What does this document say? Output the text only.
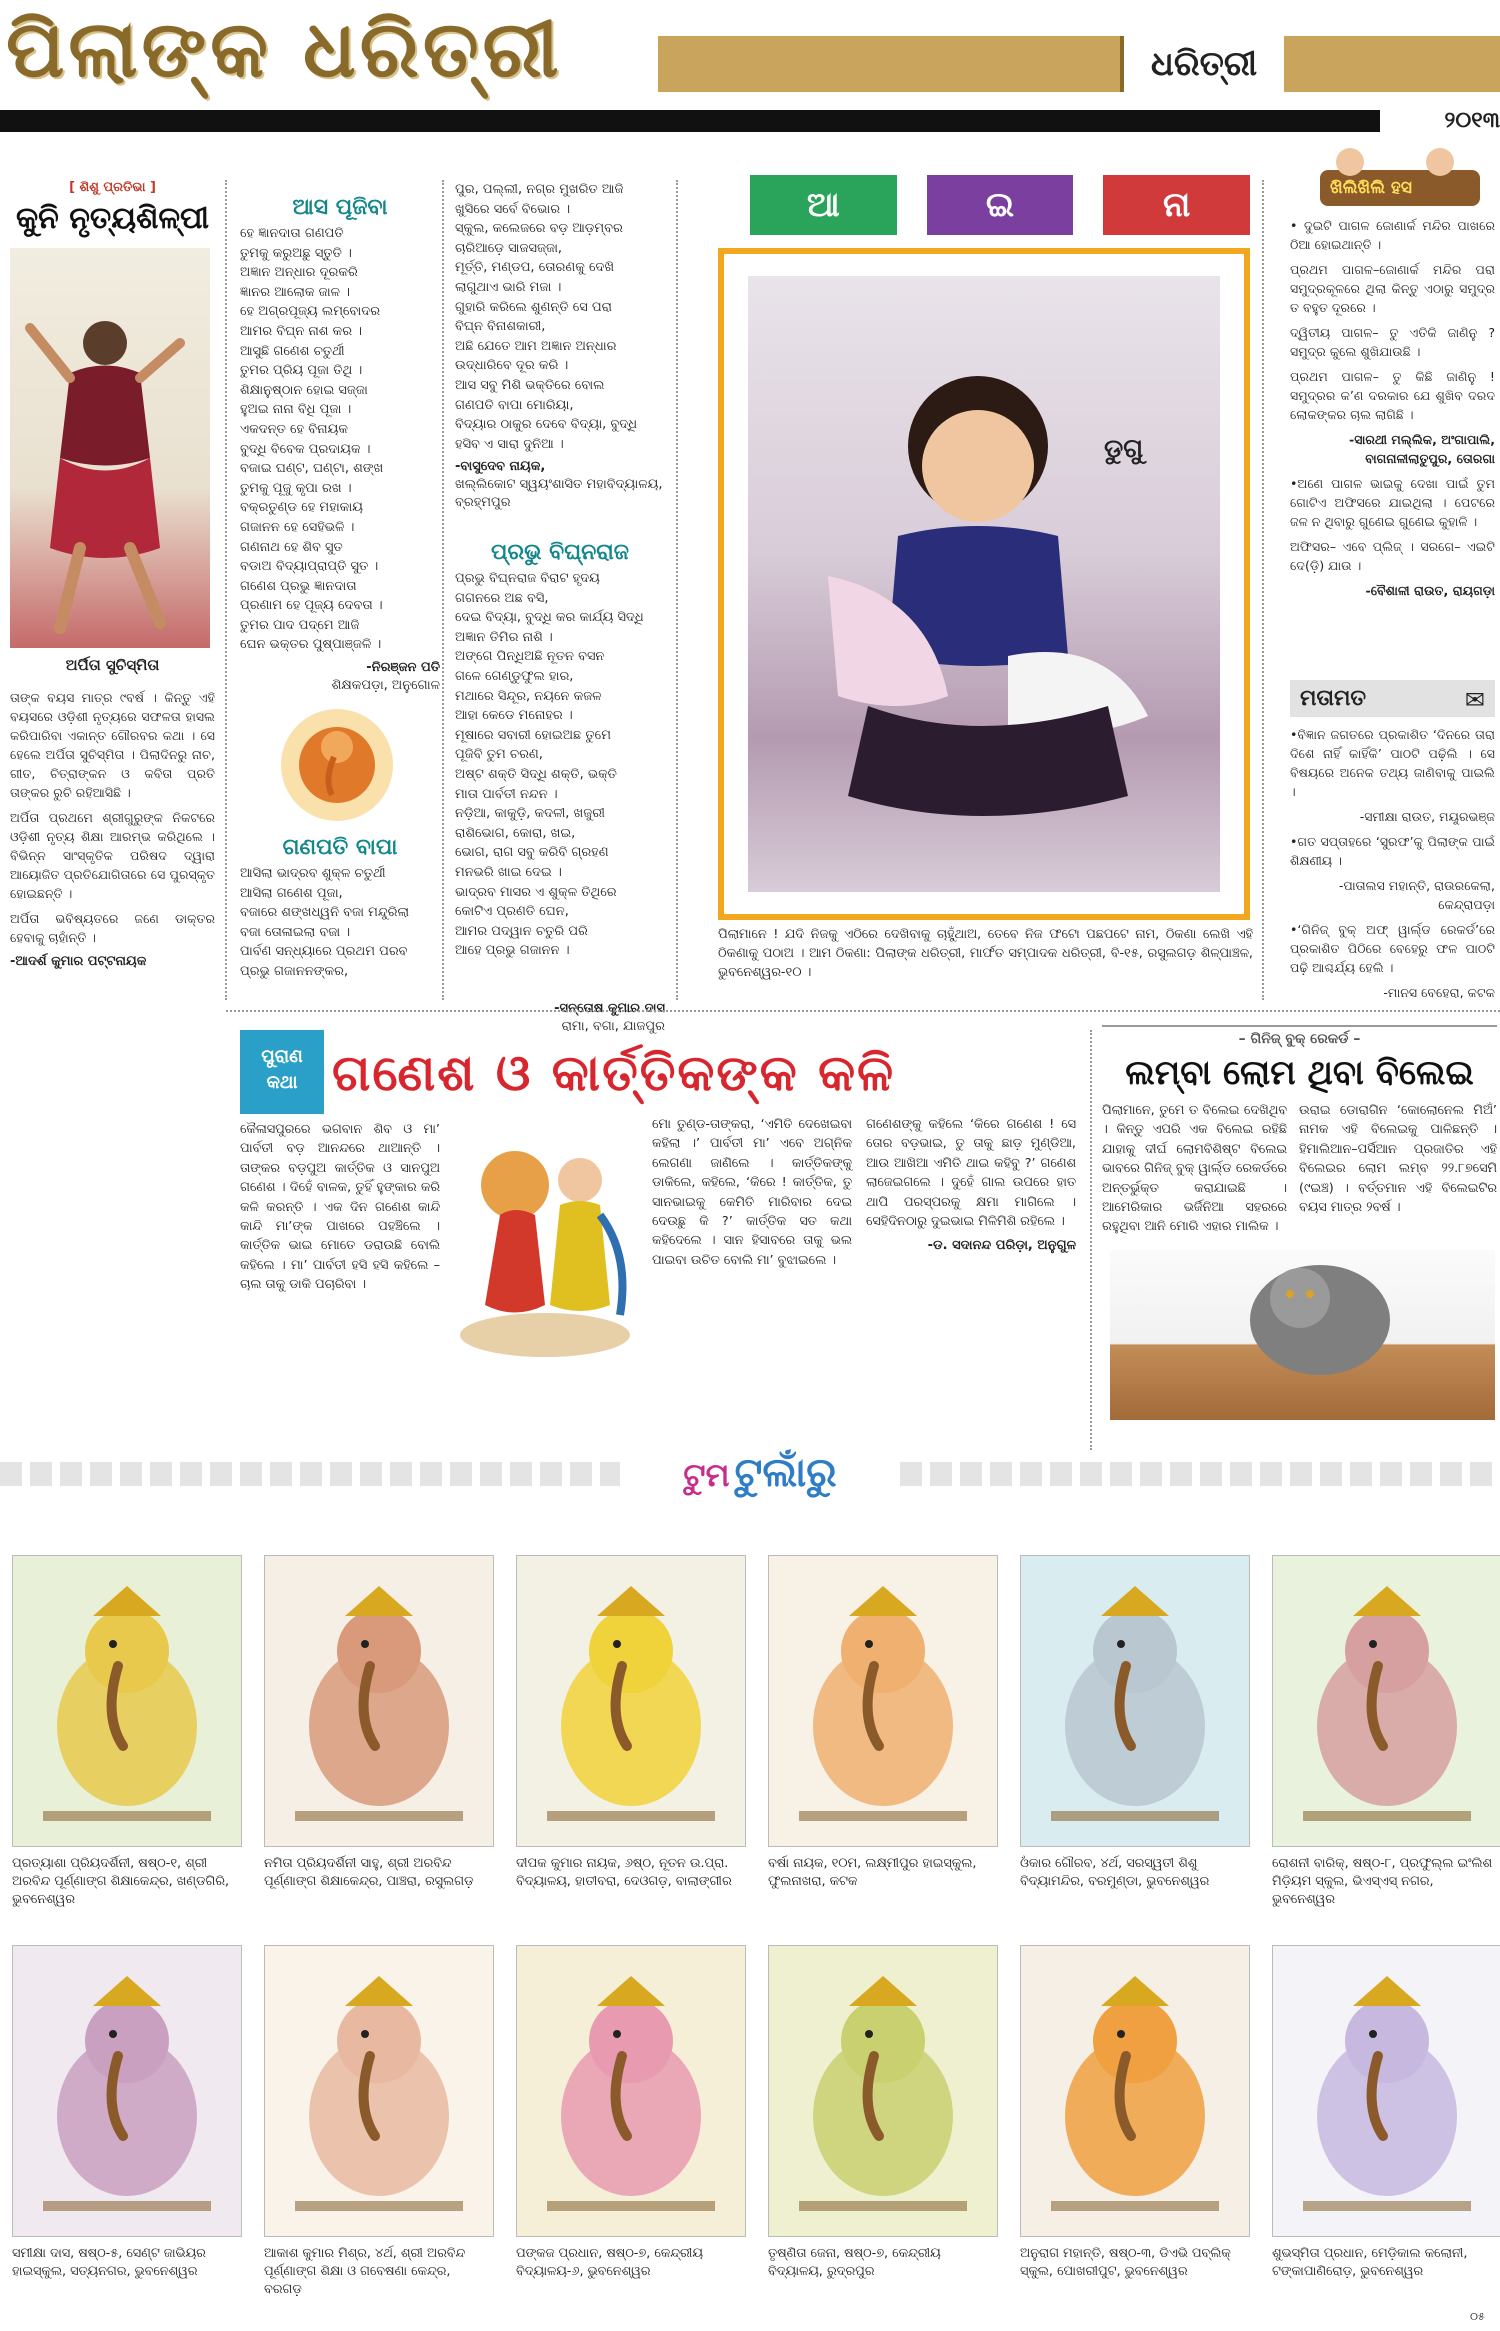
ପିଲାଙ୍କ ଧରିତ୍ରୀ	ଧରିତ୍ରୀ
୨୦୧୩
[ ଶିଶୁ ପ୍ରତିଭା ]
କୁନି ନୃତ୍ୟଶିଳ୍ପୀ
ଅର୍ପିତା ସୁଚିସ୍ମିତା

ତାଙ୍କ ବୟସ ମାତ୍ର ୯ବର୍ଷ । କିନ୍ତୁ ଏହି ବୟସରେ ଓଡ଼ିଶୀ ନୃତ୍ୟରେ ସଫଳତା ହାସଲ କରିପାରିବା ଏକାନ୍ତ ଗୌରବର କଥା । ସେ ହେଲେ ଅର୍ପିତା ସୁଚିସ୍ମିତା । ପିଲାଦିନରୁ ନାଚ, ଗୀତ, ଚିତ୍ରାଙ୍କନ ଓ କବିତା ପ୍ରତି ତାଙ୍କର ରୁଚି ରହିଆସିଛି ।

ଅର୍ପିତା ପ୍ରଥମେ ଶ୍ରୀଗୁରୁଙ୍କ ନିକଟରେ ଓଡ଼ିଶୀ ନୃତ୍ୟ ଶିକ୍ଷା ଆରମ୍ଭ କରିଥିଲେ । ବିଭିନ୍ନ ସାଂସ୍କୃତିକ ପରିଷଦ ଦ୍ୱାରା ଆୟୋଜିତ ପ୍ରତିଯୋଗିତାରେ ସେ ପୁରସ୍କୃତ ହୋଇଛନ୍ତି ।

ଅର୍ପିତା ଭବିଷ୍ୟତରେ ଜଣେ ଡାକ୍ତର ହେବାକୁ ଚାହାଁନ୍ତି ।

-ଆଦର୍ଶ କୁମାର ପଟ୍ଟନାୟକ
ଆସ ପୂଜିବା
ହେ ଜ୍ଞାନଦାତା ଗଣପତି
ତୁମକୁ କରୁଅଛୁ ସ୍ତୁତି ।
ଅଜ୍ଞାନ ଅନ୍ଧାର ଦୂରକରି
ଜ୍ଞାନର ଆଲୋକ ଜାଳ ।
ହେ ଅଗ୍ରପୂଜ୍ୟ ଲମ୍ବୋଦର
ଆମର ବିଘ୍ନ ନାଶ କର ।
ଆସୁଛି ଗଣେଶ ଚତୁର୍ଥୀ
ତୁମର ପ୍ରିୟ ପୂଜା ତିଥି ।
ଶିକ୍ଷାନୁଷ୍ଠାନ ହୋଇ ସଜ୍ଜା
ହୁଅଇ ନାନା ବିଧି ପୂଜା ।
ଏକଦନ୍ତ ହେ ବିନାୟକ
ବୁଦ୍ଧି ବିବେକ ପ୍ରଦାୟକ ।
ବଜାଇ ଘଣ୍ଟ, ଘଣ୍ଟା, ଶଙ୍ଖ
ତୁମକୁ ପୂଜୁ କୃପା ରଖ ।
ବକ୍ରତୁଣ୍ଡ ହେ ମହାକାୟ
ଗଜାନନ ହେ ସେହିଭଳି ।
ଗଣନାଥ ହେ ଶିବ ସୁତ
ବଡାଅ ବିଦ୍ୟାପ୍ରାପ୍ତି ସୁତ ।
ଗଣେଶ ପ୍ରଭୁ ଜ୍ଞାନଦାତା
ପ୍ରଣାମ ହେ ପୂଜ୍ୟ ଦେବତା ।
ତୁମର ପାଦ ପଦ୍ମେ ଆଜି
ଘେନ ଭକ୍ତର ପୁଷ୍ପାଞ୍ଜଳି ।
-ନିରଞ୍ଜନ ପତି
ଶିକ୍ଷକପଡ଼ା, ଅନୁଗୋଳ
ଗଣପତି ବାପା
ଆସିଲା ଭାଦ୍ରବ ଶୁକ୍ଳ ଚତୁର୍ଥୀ
ଆସିଲା ଗଣେଶ ପୂଜା,
ବଜାରେ ଶଙ୍ଖଧ୍ୱନି ବଜା ମନ୍ଦୁରିଲା
ବଜା ତୋଳାଇଲା ବଜା ।
ପାର୍ବଣ ସନ୍ଧ୍ୟାରେ ପ୍ରଥମ ପରବ
ପ୍ରଭୁ ଗଜାନନଙ୍କର,
ପୁର, ପଲ୍ଲୀ, ନଗ୍ର ମୁଖରିତ ଆଜି
ଖୁସିରେ ସର୍ବେ ବିଭୋର ।
ସ୍କୁଲ, କଲେଜରେ ବଡ଼ ଆଡ଼ମ୍ବର
ଚାରିଆଡ଼େ ସାଜସଜ୍ଜା,
ମୂର୍ତ୍ତି, ମଣ୍ଡପ, ତୋରଣକୁ ଦେଖି
ଲାଗୁଥାଏ ଭାରି ମଜା ।
ଗୁହାରି କରିଲେ ଶୁଣନ୍ତି ସେ ପରା
ବିଘ୍ନ ବିନାଶକାରୀ,
ଅଛି ଯେତେ ଆମ ଅଜ୍ଞାନ ଅନ୍ଧାର
ଉଦ୍ଧାରିବେ ଦୂର କରି ।
ଆସ ସବୁ ମିଶି ଭକ୍ତିରେ ବୋଲ
ଗଣପତି ବାପା ମୋରିୟା,
ବିଦ୍ୟାର ଠାକୁର ଦେବେ ବିଦ୍ୟା, ବୁଦ୍ଧି
ହସିବ ଏ ସାରା ଦୁନିଆ ।
-ବାସୁଦେବ ନାୟକ,
ଖଲ୍ଲିକୋଟ ସ୍ୱୟଂଶାସିତ ମହାବିଦ୍ୟାଳୟ, ବ୍ରହ୍ମପୁର
ପ୍ରଭୁ ବିଘ୍ନରାଜ
ପ୍ରଭୁ ବିଘ୍ନରାଜ ବିରାଟ ହୃଦୟ
ଗଗନରେ ଅଛ ବସି,
ଦେଇ ବିଦ୍ୟା, ବୁଦ୍ଧି କର କାର୍ଯ୍ୟ ସିଦ୍ଧି
ଅଜ୍ଞାନ ତିମିର ନାଶି ।
ଅଙ୍ଗେ ପିନ୍ଧିଅଛି ନୂତନ ବସନ
ଗଳେ ଗେଣ୍ଡୁଫୁଲ ହାର,
ମଥାରେ ସିନ୍ଦୂର, ନୟନେ କଜଳ
ଆହା କେଡେ ମନୋହର ।
ମୂଷାରେ ସବାରୀ ହୋଇଅଛ ତୁମେ
ପୂଜିବି ତୁମ ଚରଣ,
ଅଷ୍ଟ ଶକ୍ତି ସିଦ୍ଧି ଶକ୍ତି, ଭକ୍ତି
ମାତା ପାର୍ବତୀ ନନ୍ଦନ ।
ନଡ଼ିଆ, କାକୁଡ଼ି, କଦଳୀ, ଖଜୁରୀ
ରାଶିଭୋଗ, କୋରା, ଖଇ,
ଭୋଗ, ରାଗ ସବୁ କରିବି ଗ୍ରହଣ
ମନଭରି ଖାଇ ଦେଇ ।
ଭାଦ୍ରବ ମାସର ଏ ଶୁକ୍ଳ ତିଥିରେ
କୋଟିଏ ପ୍ରଣତି ଘେନ,
ଆମର ପଦ୍ୱାନ ଚତୁରି ପରି
ଆହେ ପ୍ରଭୁ ଗଜାନନ ।
-ସନ୍ତୋଷ କୁମାର ଦାସ
ରାମା, ବଗା, ଯାଜପୁର
ଆ	ଇ	ନା
ଡୁଗୁ
ପିଲାମାନେ ! ଯଦି ନିଜକୁ ଏଠିରେ ଦେଖିବାକୁ ଚାହୁଁଥାଅ, ତେବେ ନିଜ ଫଟୋ ପଛପଟେ ନାମ, ଠିକଣା ଲେଖି ଏହି ଠିକଣାକୁ ପଠାଅ । ଆମ ଠିକଣା: ପିଲାଙ୍କ ଧରିତ୍ରୀ, ମାର୍ଫତ ସମ୍ପାଦକ ଧରିତ୍ରୀ, ବି-୧୫, ରସୁଲଗଡ଼ ଶିଳ୍ପାଞ୍ଚଳ, ଭୁବନେଶ୍ୱର-୧୦ ।
ଖିଲିଖିଲି ହସ

• ଦୁଇଟି ପାଗଳ ଜୋଣାର୍କ ମନ୍ଦିର ପାଖରେ ଠିଆ ହୋଇଥାନ୍ତି ।

ପ୍ରଥମ ପାଗଳ–ଜୋଣାର୍କ ମନ୍ଦିର ପରା ସମୁଦ୍ରକୂଳରେ ଥିଲା କିନ୍ତୁ ଏଠାରୁ ସମୁଦ୍ର ତ ବହୁତ ଦୂରରେ ।

ଦ୍ୱିତୀୟ ପାଗଳ– ତୁ ଏତିକି ଜାଣିନୁ ? ସମୁଦ୍ର କୁଲେ ଶୁଖିଯାଉଛି ।

ପ୍ରଥମ ପାଗଳ– ତୁ କିଛି ଜାଣିନୁ ! ସମୁଦ୍ରର କ’ଣ ଦରକାର ଯେ ଶୁଖିବ ଦରଦ ଲୋକଙ୍କର ଚାଲ ଲାଗିଛି ।

-ସାରଥୀ ମଲ୍ଲିକ, ଅଂଗାପାଲି, ବାଗନାଳୀଲାତୁପୁର, ତୋରଗା

•ଅଣେ ପାଗଳ ଭାଇକୁ ଦେଖା ପାଇଁ ତୁମ ଗୋଟିଏ ଅଫିସରେ ଯାଇଥିଲା । ପେଟରେ ଜଳ ନ ଥିବାରୁ ଗୁଣେଇ ଗୁଣେଇ କୁହାଳି ।

ଅଫିସର– ଏବେ ପ୍ଲିଜ୍ । ସରଗେ– ଏଇଟି ଦେ(ଡ଼ି) ଯାଉ ।

-ବୈଶାଳୀ ରାଉତ, ରାୟଗଡ଼ା

ମତାମତ	✉

•ବିଜ୍ଞାନ ଜଗତରେ ପ୍ରକାଶିତ ‘ଦିନରେ ତାରା ଦିଶେ ନାହିଁ କାହିଁକି’ ପାଠଟି ପଢ଼ିଲି । ସେ ବିଷୟରେ ଅନେକ ତଥ୍ୟ ଜାଣିବାକୁ ପାଇଲି ।

-ସମୀକ୍ଷା ରାଉତ, ମୟୂରଭଞ୍ଜ

•ଗତ ସପ୍ତାହରେ ‘ସୁରଫ’କୁ ପିଲାଙ୍କ ପାଇଁ ଶିକ୍ଷଣୀୟ ।

-ପାତାଲସ ମହାନ୍ତି, ରାଉରକେଲା, କେନ୍ଦ୍ରାପଡ଼ା

•‘ଗିନିଜ୍ ବୁକ୍ ଅଫ୍ ୱାର୍ଲ୍ଡ ରେକର୍ଡ’ରେ ପ୍ରକାଶିତ ପିଠିରେ ବେହେରୁ ଫଳ ପାଠଟି ପଢ଼ି ଆଶ୍ଚର୍ଯ୍ୟ ହେଲି ।

-ମାନସ ବେହେରା, କଟକ

ପୁରାଣ
କଥା ଗଣେଶ ଓ କାର୍ତ୍ତିକଙ୍କ କଳି

କୈଳାସପୁରରେ ଭଗବାନ ଶିବ ଓ ମା’ ପାର୍ବତୀ ବଡ଼ ଆନନ୍ଦରେ ଥାଆନ୍ତି । ତାଙ୍କର ବଡ଼ପୁଅ କାର୍ତ୍ତିକ ଓ ସାନପୁଅ ଗଣେଶ । ଦିହେଁ ବାଳକ, ତୁହିଁ ହୁଙ୍କାର କରି କଳି କରନ୍ତି । ଏକ ଦିନ ଗଣେଶ କାନ୍ଦି କାନ୍ଦି ମା’ଙ୍କ ପାଖରେ ପହଞ୍ଚିଲେ । କାର୍ତ୍ତିକ ଭାଇ ମୋତେ ଡରାଉଛି ବୋଲି କହିଲେ । ମା’ ପାର୍ବତୀ ହସି ହସି କହିଲେ – ଚାଲ ତାକୁ ଡାକି ପଚାରିବା ।

ମୋ ତୁଣ୍ଡ-ତାଙ୍କରା, ‘ଏମିତି ଦେଖେଇବା କହିଲା ।’ ପାର୍ବତୀ ମା’ ଏବେ ଅଗ୍ନିକ ଲେଗଣା ଜାଣିଲେ । କାର୍ତ୍ତିକଙ୍କୁ ଡାକିଲେ, କହିଲେ, ‘କିରେ ! କାର୍ତ୍ତିକ, ତୁ ସାନଭାଇକୁ କେମିତି ମାରିବାର ଦେଇ ଦେଉଛୁ କି ?’ କାର୍ତ୍ତିକ ସତ କଥା କହିଦେଲେ । ସାନ ହିସାବରେ ତାକୁ ଭଲ ପାଇବା ଉଚିତ ବୋଲି ମା’ ବୁଝାଇଲେ ।

ଗଣେଶଙ୍କୁ କହିଲେ ‘କିରେ ଗଣେଶ ! ସେ ତୋର ବଡ଼ଭାଇ, ତୁ ତାକୁ ଛାଡ଼ ମୁଣ୍ଡିଆ, ଆଉ ଆଖିଆ ଏମିତି ଥାଇ କହିବୁ ?’ ଗଣେଶ ଲାଜେଇଗଲେ । ଦୁହେଁ ଗାଲ ଉପରେ ହାତ ଥାପି ପରସ୍ପରକୁ କ୍ଷମା ମାଗିଲେ । ସେହିଦିନଠାରୁ ଦୁଇଭାଇ ମିଳିମିଶି ରହିଲେ ।

-ଡ. ସଦାନନ୍ଦ ପରିଡ଼ା, ଅନୁଗୁଳ
– ଗିନିଜ୍ ବୁକ୍ ରେକର୍ଡ –
ଲମ୍ବା ଲୋମ ଥିବା ବିଲେଇ
ପିଲାମାନେ, ତୁମେ ତ ବିଲେଇ ଦେଖିଥିବ । କିନ୍ତୁ ଏପରି ଏକ ବିଲେଇ ରହିଛି ଯାହାକୁ ଦୀର୍ଘ ଲୋମବିଶିଷ୍ଟ ବିଲେଇ ଭାବରେ ଗିନିଜ୍ ବୁକ୍ ୱାର୍ଲ୍ଡ ରେକର୍ଡରେ ଅନ୍ତର୍ଭୁକ୍ତ କରାଯାଇଛି । ଆମେରିକାର ଭର୍ଜିନିଆ ସହରରେ ରହୁଥିବା ଆନି ମୋରି ଏହାର ମାଲିକ ।
ଉରାଇ ଡୋରାଗିନ ‘କୋଲୋନେଲ ମିଅଁ’ ନାମକ ଏହି ବିଲେଇକୁ ପାଳିଛନ୍ତି । ହିମାଲିଆନ–ପର୍ସିଆନ ପ୍ରଜାତିର ଏହି ବିଲେଇର ଲୋମ ଲମ୍ବ ୨୨.୮୭ସେମି (୯ଇଞ୍ଚ) । ବର୍ତ୍ତମାନ ଏହି ବିଲେଇଟିର ବୟସ ମାତ୍ର ୨ବର୍ଷ ।
ଟୁମ ଟୁଲାଁରୁ
ପ୍ରତ୍ୟାଶା ପ୍ରିୟଦର୍ଶିନୀ, ଷଷ୍ଠ-୧, ଶ୍ରୀ ଅରବିନ୍ଦ ପୂର୍ଣ୍ଣାଙ୍ଗ ଶିକ୍ଷାକେନ୍ଦ୍ର, ଖଣ୍ଡଗିରି, ଭୁବନେଶ୍ୱର
ନମିତା ପ୍ରିୟଦର୍ଶିନୀ ସାହୁ, ଶ୍ରୀ ଅରବିନ୍ଦ ପୂର୍ଣ୍ଣାଙ୍ଗ ଶିକ୍ଷାକେନ୍ଦ୍ର, ପାଞ୍ଚରା, ରସୁଲଗଡ଼
ଦୀପକ କୁମାର ନାୟକ, ୬ଷ୍ଠ, ନୂତନ ଉ.ପ୍ରା. ବିଦ୍ୟାଳୟ, ହାତୀବରା, ଦେଓଗଡ଼, ବାଲାଙ୍ଗୀର
ବର୍ଷା ନାୟକ, ୧୦ମ, ଲକ୍ଷ୍ମୀପୁର ହାଇସ୍କୁଲ, ଫୁଲନାଖରା, କଟକ
ଓଁକାର ଗୌରବ, ୪ର୍ଥ, ସରସ୍ୱତୀ ଶିଶୁ ବିଦ୍ୟାମନ୍ଦିର, ବରମୁଣ୍ଡା, ଭୁବନେଶ୍ୱର
ରୋଶନୀ ବାରିକ୍, ଷଷ୍ଠ-୮, ପ୍ରଫୁଲ୍ଲ ଇଂଲିଶ ମିଡ଼ିୟମ ସ୍କୁଲ, ଭିଏସ୍‌ଏସ୍ ନଗର, ଭୁବନେଶ୍ୱର
ସମୀକ୍ଷା ଦାସ, ଷଷ୍ଠ-୫, ସେଣ୍ଟ ଜାଭିୟର ହାଇସ୍କୁଲ, ସତ୍ୟନଗର, ଭୁବନେଶ୍ୱର
ଆକାଶ କୁମାର ମିଶ୍ର, ୪ର୍ଥ, ଶ୍ରୀ ଅରବିନ୍ଦ ପୂର୍ଣ୍ଣାଙ୍ଗ ଶିକ୍ଷା ଓ ଗବେଷଣା କେନ୍ଦ୍ର, ବରଗଡ଼
ପଙ୍କଜ ପ୍ରଧାନ, ଷଷ୍ଠ-୭, କେନ୍ଦ୍ରୀୟ ବିଦ୍ୟାଳୟ-୬, ଭୁବନେଶ୍ୱର
ତୃଷ୍ଣିତା ଜେନା, ଷଷ୍ଠ-୭, କେନ୍ଦ୍ରୀୟ ବିଦ୍ୟାଳୟ, ରୁଦ୍ରପୁର
ଅନୁରାଗ ମହାନ୍ତି, ଷଷ୍ଠ-୩, ଡିଏଭି ପବ୍ଲିକ୍ ସ୍କୁଲ, ପୋଖରୀପୁଟ, ଭୁବନେଶ୍ୱର
ଶୁଭସ୍ମିତା ପ୍ରଧାନ, ମେଡ଼ିକାଲ କଲୋନୀ, ଟଙ୍କାପାଣିରୋଡ଼, ଭୁବନେଶ୍ୱର
୦୫
